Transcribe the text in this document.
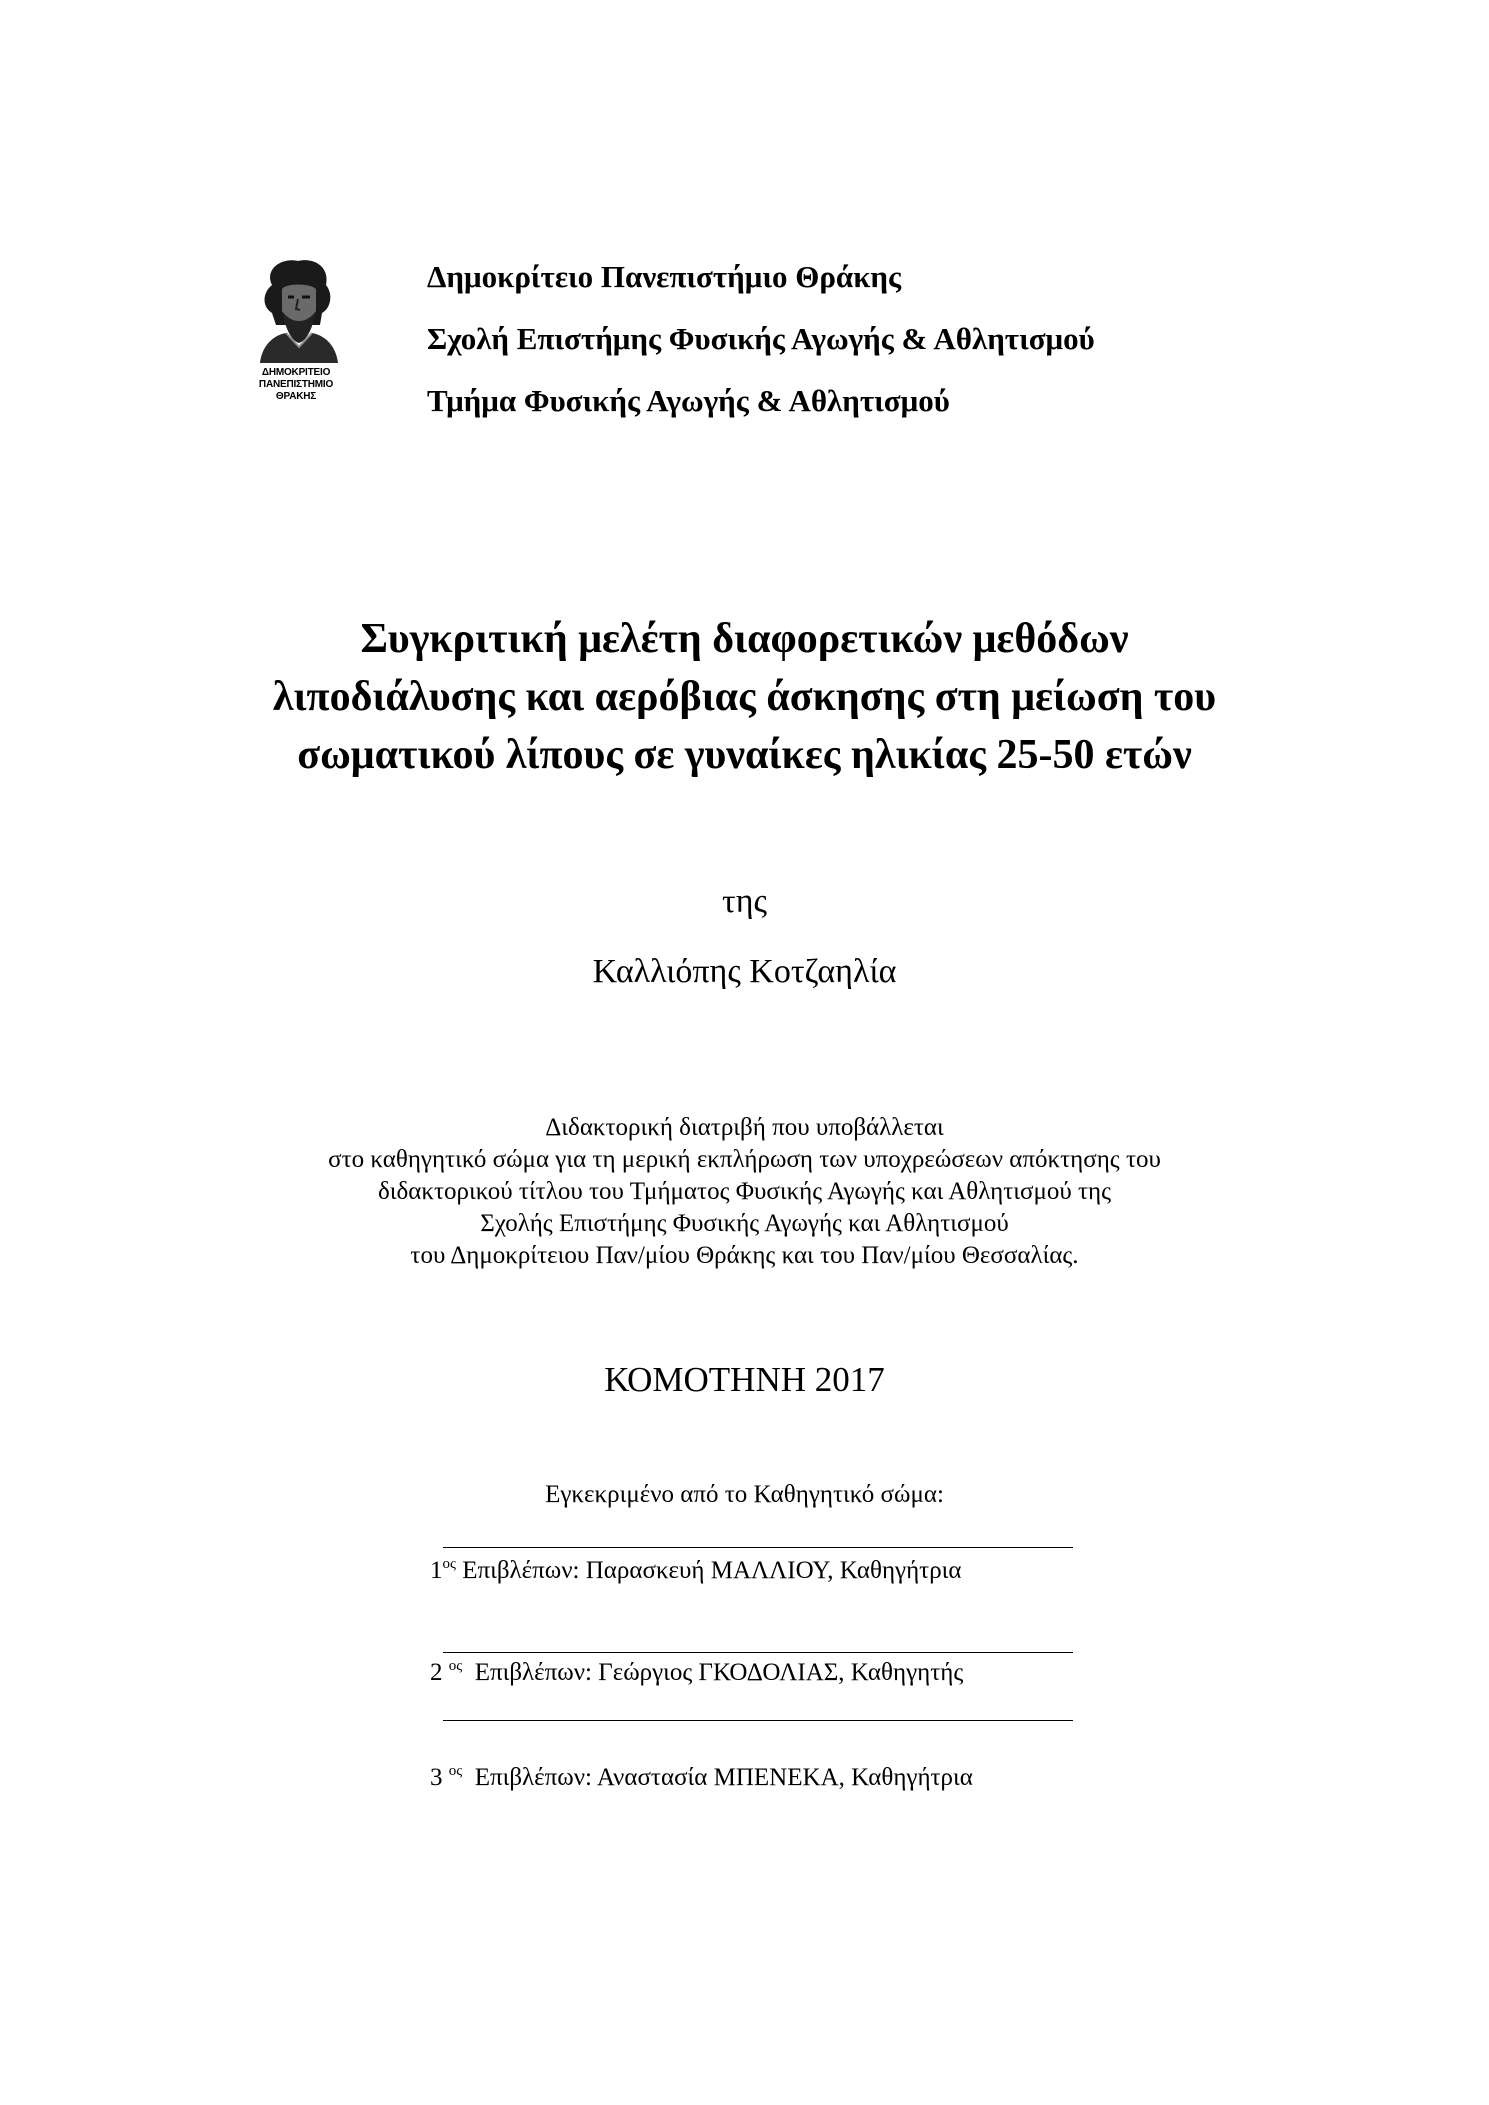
ΔΗΜΟΚΡΙΤΕΙΟ
ΠΑΝΕΠΙΣΤΗΜΙΟ
ΘΡΑΚΗΣ
Δημοκρίτειο Πανεπιστήμιο Θράκης
Σχολή Επιστήμης Φυσικής Αγωγής & Αθλητισμού
Τμήμα Φυσικής Αγωγής & Αθλητισμού
Συγκριτική μελέτη διαφορετικών μεθόδων
λιποδιάλυσης και αερόβιας άσκησης στη μείωση του
σωματικού λίπους σε γυναίκες ηλικίας 25-50 ετών
της
Καλλιόπης Κοτζαηλία
Διδακτορική διατριβή που υποβάλλεται
στο καθηγητικό σώμα για τη μερική εκπλήρωση των υποχρεώσεων απόκτησης του
διδακτορικού τίτλου του Τμήματος Φυσικής Αγωγής και Αθλητισμού της
Σχολής Επιστήμης Φυσικής Αγωγής και Αθλητισμού
του Δημοκρίτειου Παν/μίου Θράκης και του Παν/μίου Θεσσαλίας.
ΚΟΜΟΤΗΝΗ 2017
Εγκεκριμένο από το Καθηγητικό σώμα:
$1^{o\varsigma}$ Επιβλέπων: Παρασκευή ΜΑΛΛΙΟΥ, Καθηγήτρια
2 $^{o\varsigma}$ Επιβλέπων: Γεώργιος ΓΚΟΔΟΛΙΑΣ, Καθηγητής
3 $^{o\varsigma}$ Επιβλέπων: Αναστασία ΜΠΕΝΕΚΑ, Καθηγήτρια
